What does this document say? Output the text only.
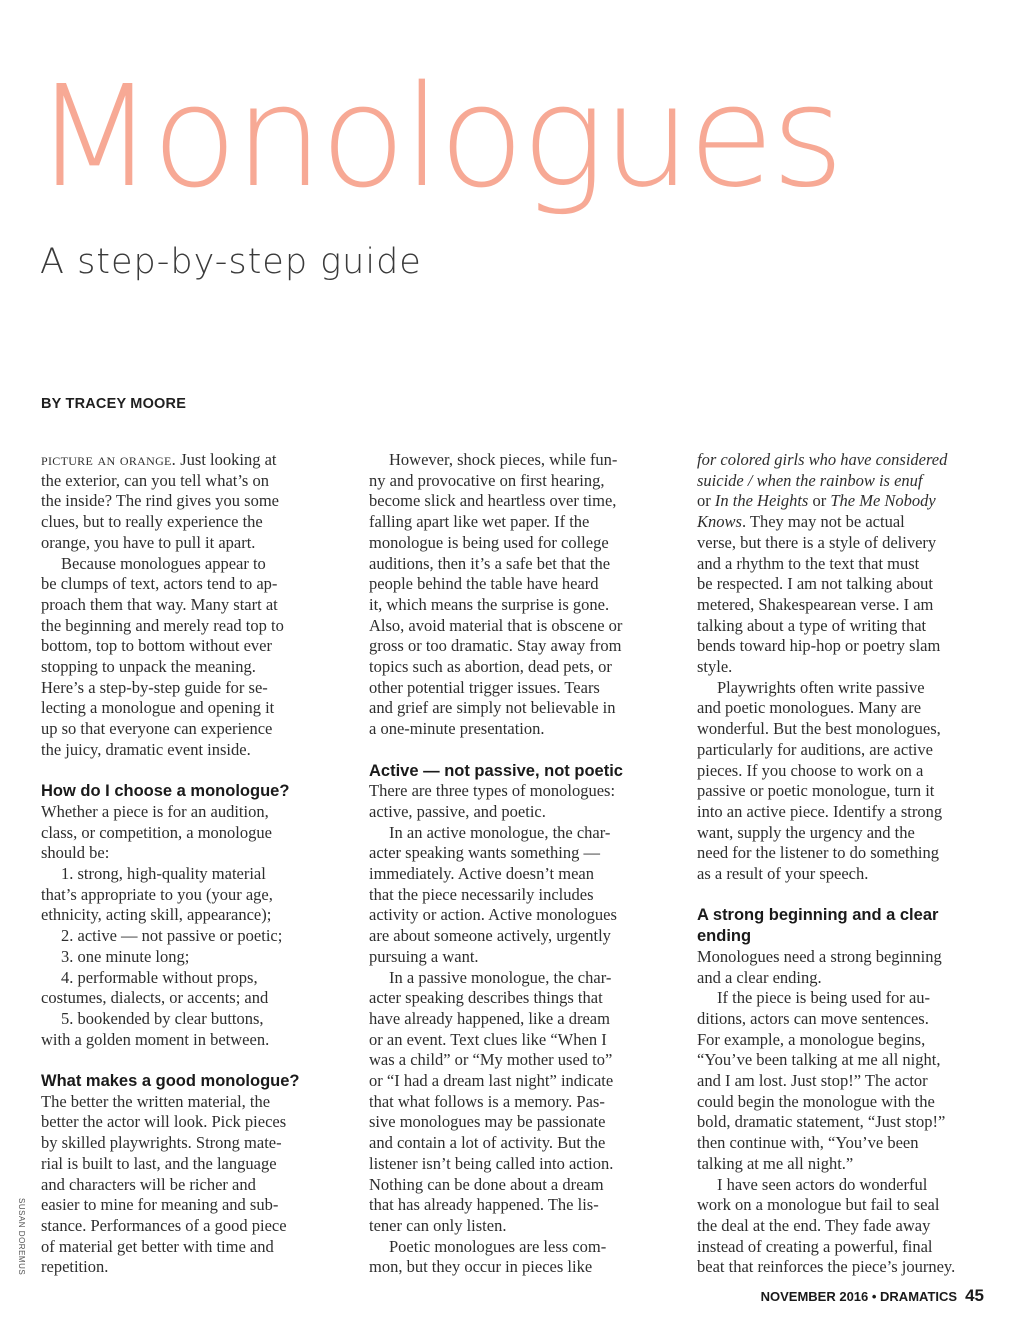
Monologues
A step-by-step guide
BY TRACEY MOORE

picture an orange. Just looking at

the exterior, can you tell what’s on

the inside? The rind gives you some

clues, but to really experience the

orange, you have to pull it apart.

Because monologues appear to

be clumps of text, actors tend to ap-

proach them that way. Many start at

the beginning and merely read top to

bottom, top to bottom without ever

stopping to unpack the meaning.

Here’s a step-by-step guide for se-

lecting a monologue and opening it

up so that everyone can experience

the juicy, dramatic event inside.

How do I choose a monologue?

Whether a piece is for an audition,

class, or competition, a monologue

should be:

1. strong, high-quality material

that’s appropriate to you (your age,

ethnicity, acting skill, appearance);

2. active — not passive or poetic;

3. one minute long;

4. performable without props,

costumes, dialects, or accents; and

5. bookended by clear buttons,

with a golden moment in between.

What makes a good monologue?

The better the written material, the

better the actor will look. Pick pieces

by skilled playwrights. Strong mate-

rial is built to last, and the language

and characters will be richer and

easier to mine for meaning and sub-

stance. Performances of a good piece

of material get better with time and

repetition.

However, shock pieces, while fun-

ny and provocative on first hearing,

become slick and heartless over time,

falling apart like wet paper. If the

monologue is being used for college

auditions, then it’s a safe bet that the

people behind the table have heard

it, which means the surprise is gone.

Also, avoid material that is obscene or

gross or too dramatic. Stay away from

topics such as abortion, dead pets, or

other potential trigger issues. Tears

and grief are simply not believable in

a one-minute presentation.

Active — not passive, not poetic

There are three types of monologues:

active, passive, and poetic.

In an active monologue, the char-

acter speaking wants something —

immediately. Active doesn’t mean

that the piece necessarily includes

activity or action. Active monologues

are about someone actively, urgently

pursuing a want.

In a passive monologue, the char-

acter speaking describes things that

have already happened, like a dream

or an event. Text clues like “When I

was a child” or “My mother used to”

or “I had a dream last night” indicate

that what follows is a memory. Pas-

sive monologues may be passionate

and contain a lot of activity. But the

listener isn’t being called into action.

Nothing can be done about a dream

that has already happened. The lis-

tener can only listen.

Poetic monologues are less com-

mon, but they occur in pieces like

for colored girls who have considered

suicide / when the rainbow is enuf

or In the Heights or The Me Nobody

Knows. They may not be actual

verse, but there is a style of delivery

and a rhythm to the text that must

be respected. I am not talking about

metered, Shakespearean verse. I am

talking about a type of writing that

bends toward hip-hop or poetry slam

style.

Playwrights often write passive

and poetic monologues. Many are

wonderful. But the best monologues,

particularly for auditions, are active

pieces. If you choose to work on a

passive or poetic monologue, turn it

into an active piece. Identify a strong

want, supply the urgency and the

need for the listener to do something

as a result of your speech.

A strong beginning and a clear
ending

Monologues need a strong beginning

and a clear ending.

If the piece is being used for au-

ditions, actors can move sentences.

For example, a monologue begins,

“You’ve been talking at me all night,

and I am lost. Just stop!” The actor

could begin the monologue with the

bold, dramatic statement, “Just stop!”

then continue with, “You’ve been

talking at me all night.”

I have seen actors do wonderful

work on a monologue but fail to seal

the deal at the end. They fade away

instead of creating a powerful, final

beat that reinforces the piece’s journey.

SUSAN DOREMUS
NOVEMBER 2016 • DRAMATICS 45
